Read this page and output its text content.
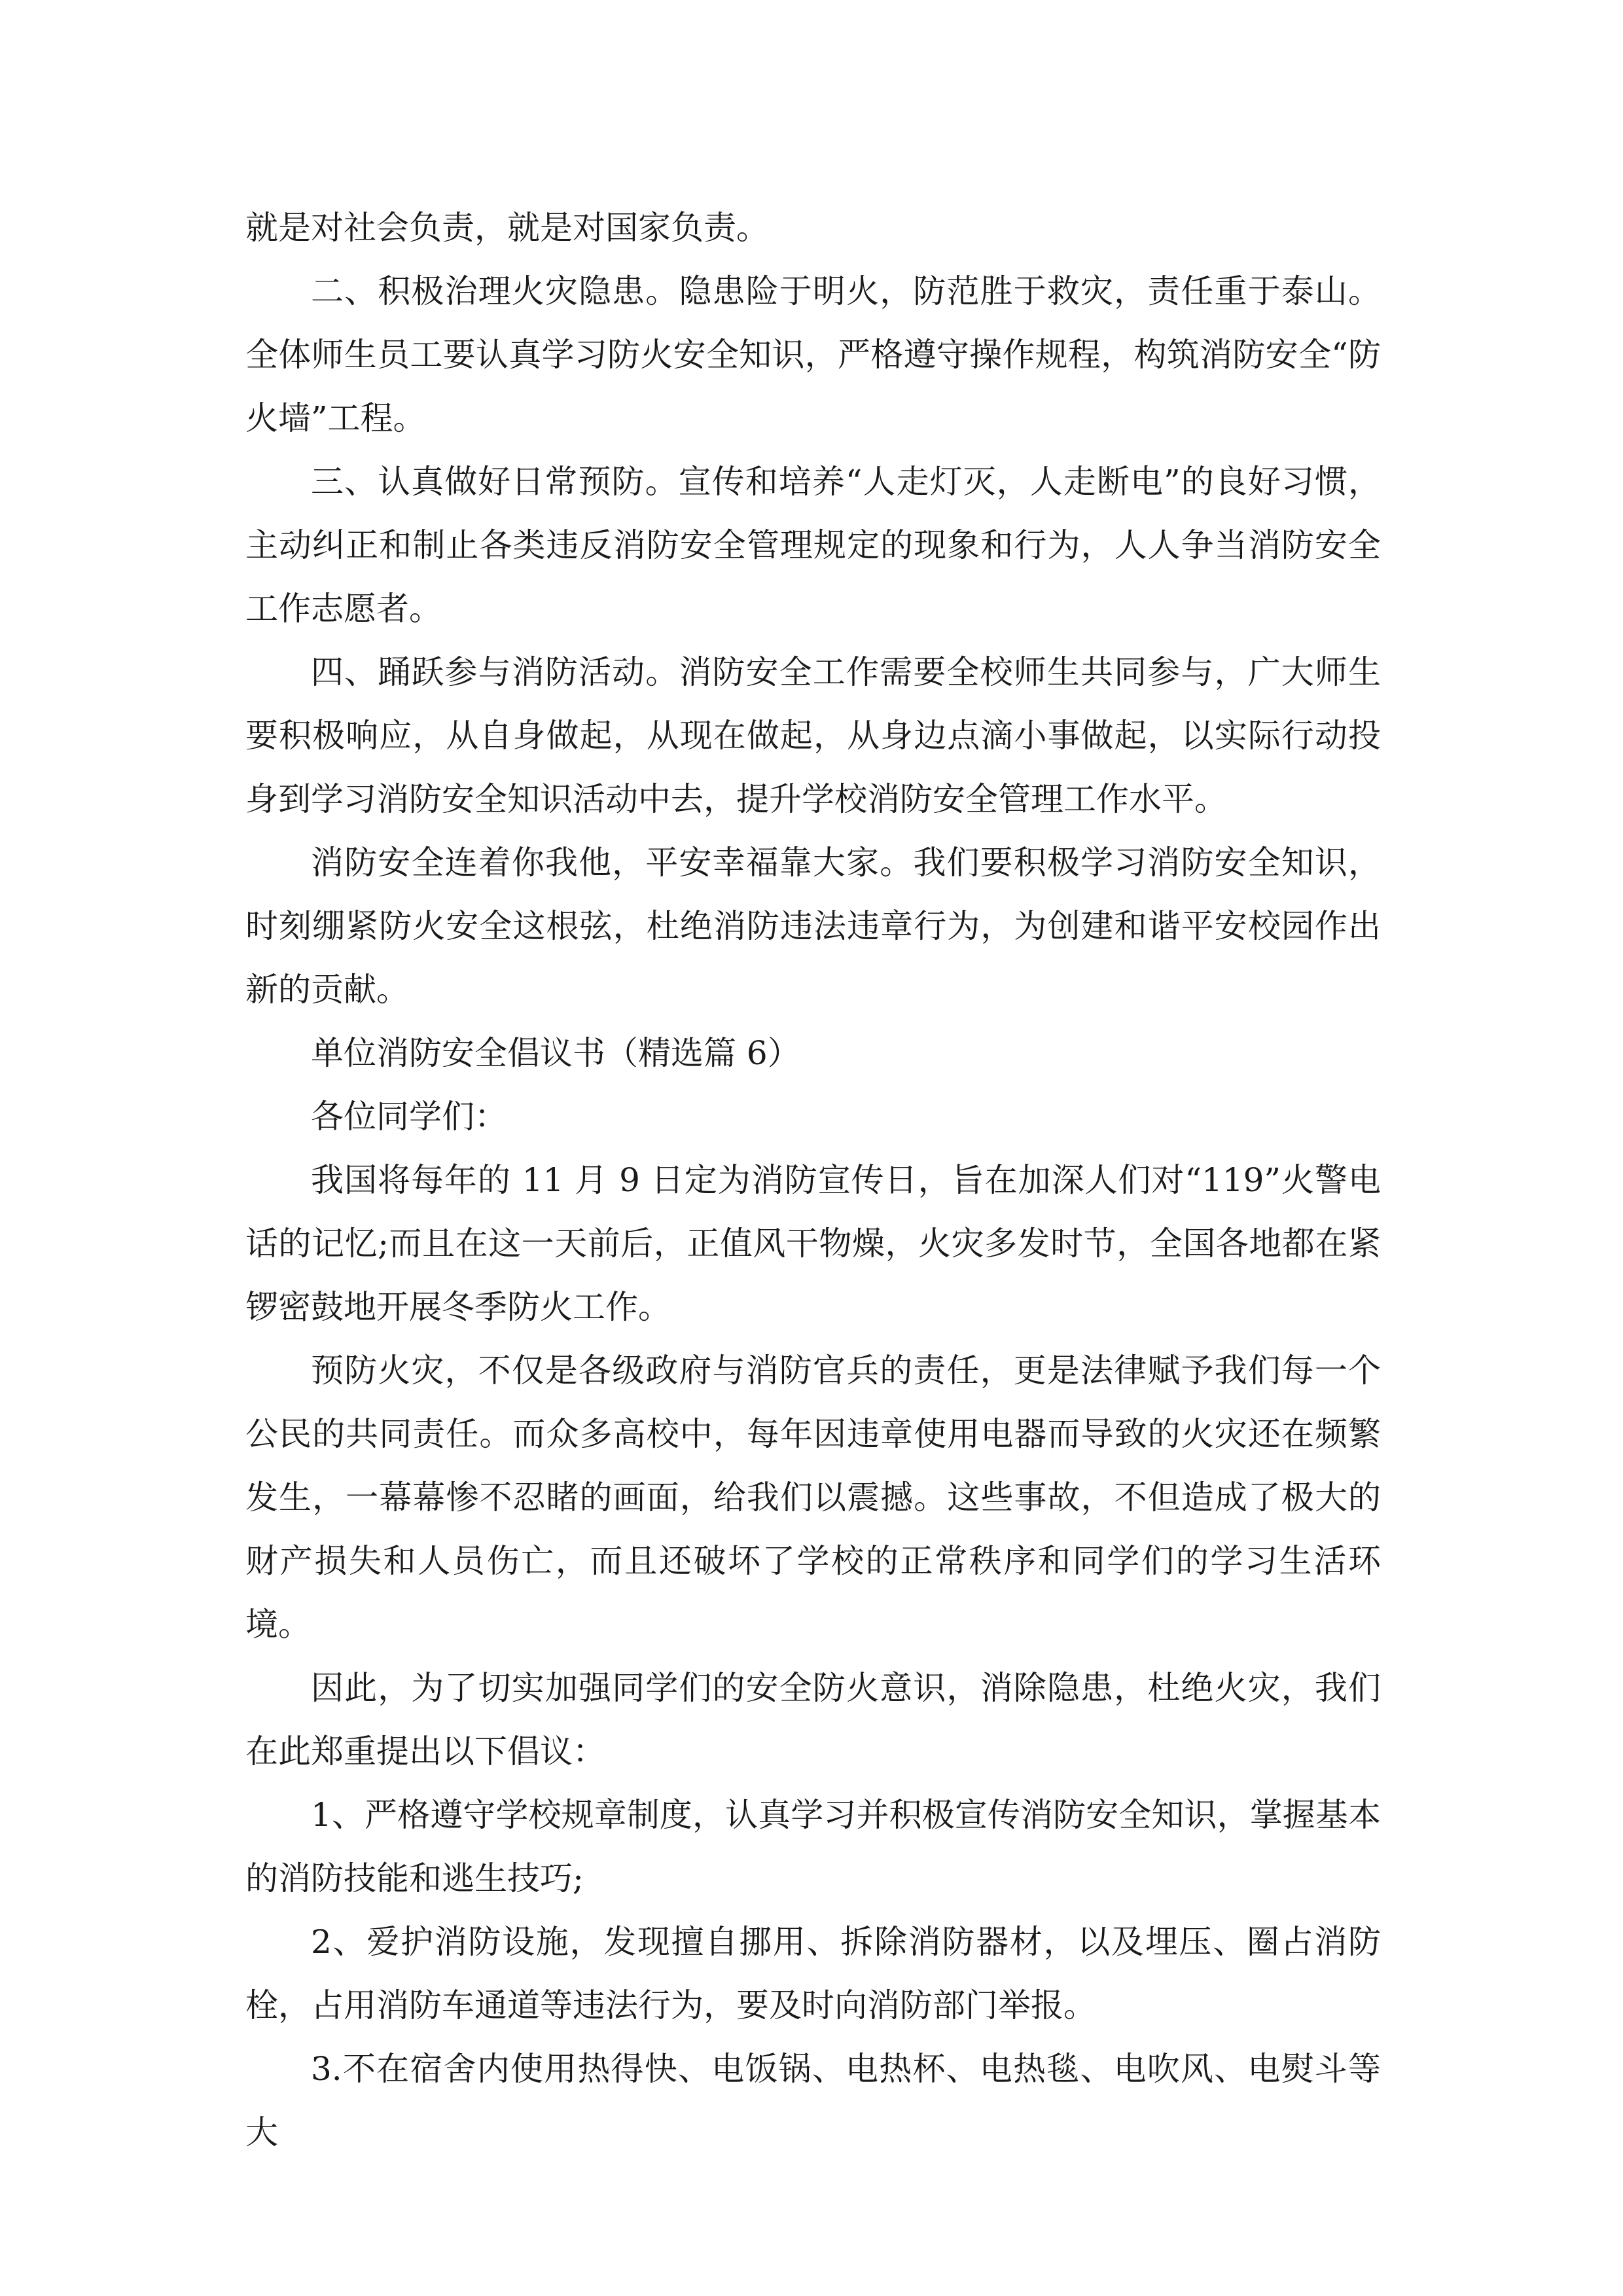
就是对社会负责，就是对国家负责。

二、积极治理火灾隐患。隐患险于明火，防范胜于救灾，责任重于泰山。全体师生员工要认真学习防火安全知识，严格遵守操作规程，构筑消防安全“防火墙”工程。

三、认真做好日常预防。宣传和培养“人走灯灭，人走断电”的良好习惯，主动纠正和制止各类违反消防安全管理规定的现象和行为，人人争当消防安全工作志愿者。

四、踊跃参与消防活动。消防安全工作需要全校师生共同参与，广大师生要积极响应，从自身做起，从现在做起，从身边点滴小事做起，以实际行动投身到学习消防安全知识活动中去，提升学校消防安全管理工作水平。

消防安全连着你我他，平安幸福靠大家。我们要积极学习消防安全知识，时刻绷紧防火安全这根弦，杜绝消防违法违章行为，为创建和谐平安校园作出新的贡献。

单位消防安全倡议书（精选篇 6）

各位同学们：

我国将每年的 11 月 9 日定为消防宣传日，旨在加深人们对“119”火警电话的记忆;而且在这一天前后，正值风干物燥，火灾多发时节，全国各地都在紧锣密鼓地开展冬季防火工作。

预防火灾，不仅是各级政府与消防官兵的责任，更是法律赋予我们每一个公民的共同责任。而众多高校中，每年因违章使用电器而导致的火灾还在频繁发生，一幕幕惨不忍睹的画面，给我们以震撼。这些事故，不但造成了极大的财产损失和人员伤亡，而且还破坏了学校的正常秩序和同学们的学习生活环境。

因此，为了切实加强同学们的安全防火意识，消除隐患，杜绝火灾，我们在此郑重提出以下倡议：

1、严格遵守学校规章制度，认真学习并积极宣传消防安全知识，掌握基本的消防技能和逃生技巧;

2、爱护消防设施，发现擅自挪用、拆除消防器材，以及埋压、圈占消防栓，占用消防车通道等违法行为，要及时向消防部门举报。

3.不在宿舍内使用热得快、电饭锅、电热杯、电热毯、电吹风、电熨斗等大
